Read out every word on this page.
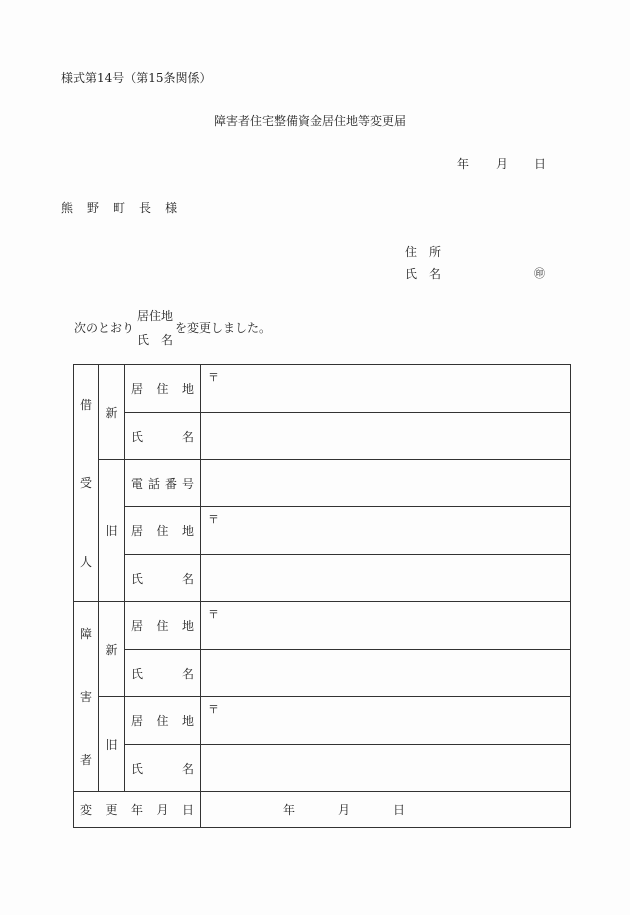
様式第14号（第15条関係）
障害者住宅整備資金居住地等変更届
年 月 日
熊 野 町 長 様
住　所
氏　名	㊞
次のとおり
居住地
氏　名
を変更しました。
借
受
人	新	居 住 地	〒

		氏 名	

	旧	電 話 番 号	

		居 住 地	〒

		氏 名	

障
害
者	新	居 住 地	〒

		氏 名	

	旧	居 住 地	〒

		氏 名	

変 更 年 月 日			年 月 日
